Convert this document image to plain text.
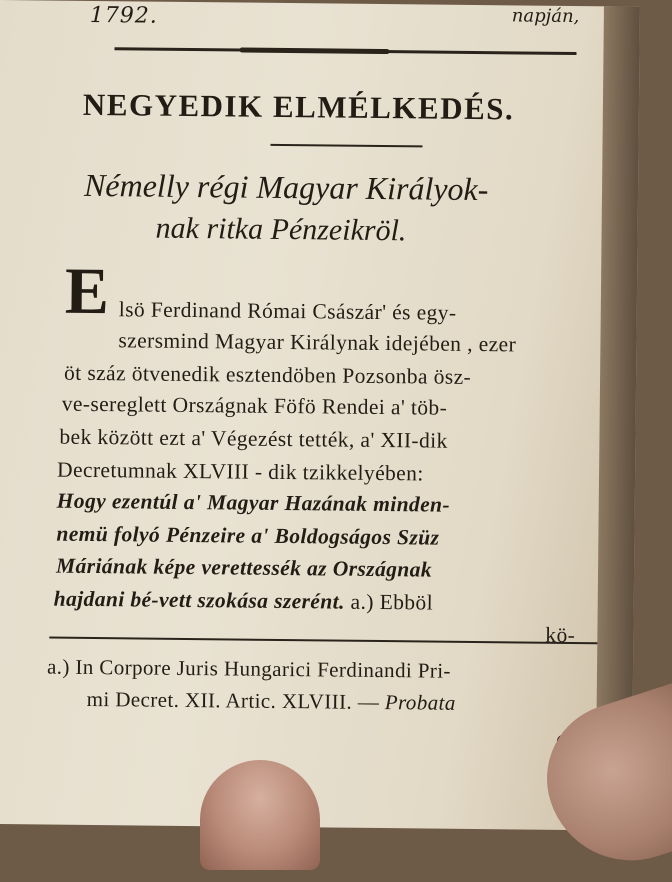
1792.	napján,
NEGYEDIK ELMÉLKEDÉS.
Némelly régi Magyar Királyok-
nak ritka Pénzeikröl.
E lsö Ferdinand Római Császár' és egy-
szersmind Magyar Királynak idejében , ezer
öt száz ötvenedik esztendöben Pozsonba ösz-
ve-sereglett Országnak Föfö Rendei a' töb-
bek között ezt a' Végezést tették, a' XII-dik
Decretumnak XLVIII - dik tzikkelyében:
Hogy ezentúl a' Magyar Hazának minden-
nemü folyó Pénzeire a' Boldogságos Szüz
Máriának képe verettessék az Országnak
hajdani bé-vett szokása szerént. a.) Ebböl
kö-
a.) In Corpore Juris Hungarici Ferdinandi Pri-
mi Decret. XII. Artic. XLVIII. — Probata
